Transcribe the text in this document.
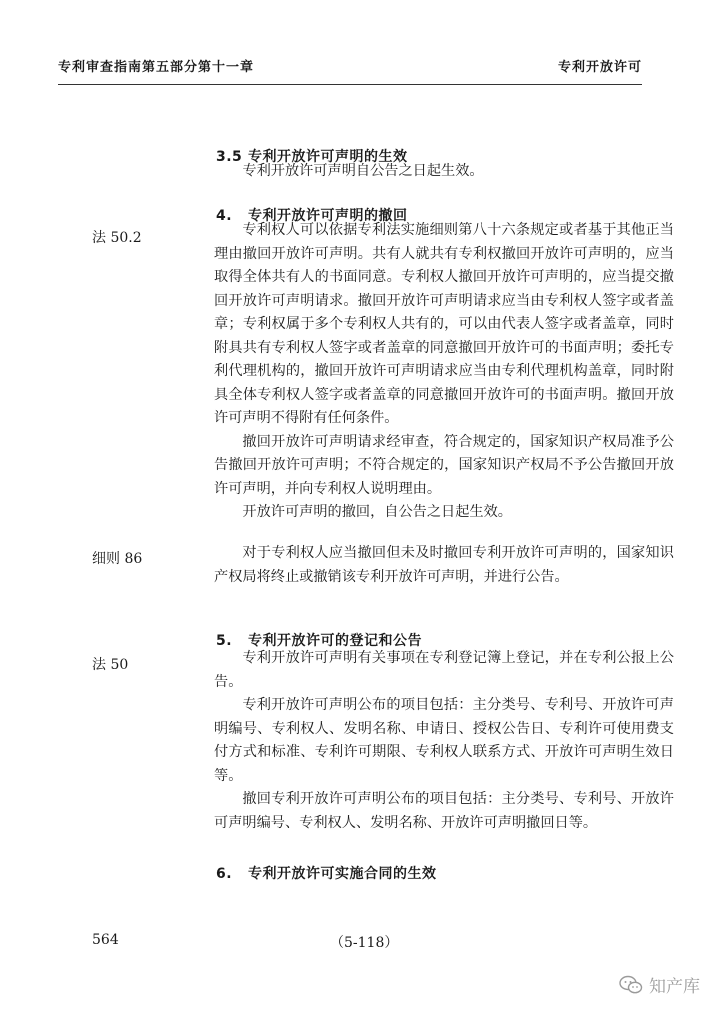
专利审查指南第五部分第十一章	专利开放许可
3.5 专利开放许可声明的生效

专利开放许可声明自公告之日起生效。

4. 专利开放许可声明的撤回
法 50.2	专利权人可以依据专利法实施细则第八十六条规定或者基于其他正当理由撤回开放许可声明。共有人就共有专利权撤回开放许可声明的，应当取得全体共有人的书面同意。专利权人撤回开放许可声明的，应当提交撤回开放许可声明请求。撤回开放许可声明请求应当由专利权人签字或者盖章；专利权属于多个专利权人共有的，可以由代表人签字或者盖章，同时附具共有专利权人签字或者盖章的同意撤回开放许可的书面声明；委托专利代理机构的，撤回开放许可声明请求应当由专利代理机构盖章，同时附具全体专利权人签字或者盖章的同意撤回开放许可的书面声明。撤回开放许可声明不得附有任何条件。

撤回开放许可声明请求经审查，符合规定的，国家知识产权局准予公告撤回开放许可声明；不符合规定的，国家知识产权局不予公告撤回开放许可声明，并向专利权人说明理由。

开放许可声明的撤回，自公告之日起生效。

细则 86	对于专利权人应当撤回但未及时撤回专利开放许可声明的，国家知识产权局将终止或撤销该专利开放许可声明，并进行公告。

5. 专利开放许可的登记和公告
法 50	专利开放许可声明有关事项在专利登记簿上登记，并在专利公报上公告。

专利开放许可声明公布的项目包括：主分类号、专利号、开放许可声明编号、专利权人、发明名称、申请日、授权公告日、专利许可使用费支付方式和标准、专利许可期限、专利权人联系方式、开放许可声明生效日等。

撤回专利开放许可声明公布的项目包括：主分类号、专利号、开放许可声明编号、专利权人、发明名称、开放许可声明撤回日等。

6. 专利开放许可实施合同的生效
564	（5-118）
知产库
